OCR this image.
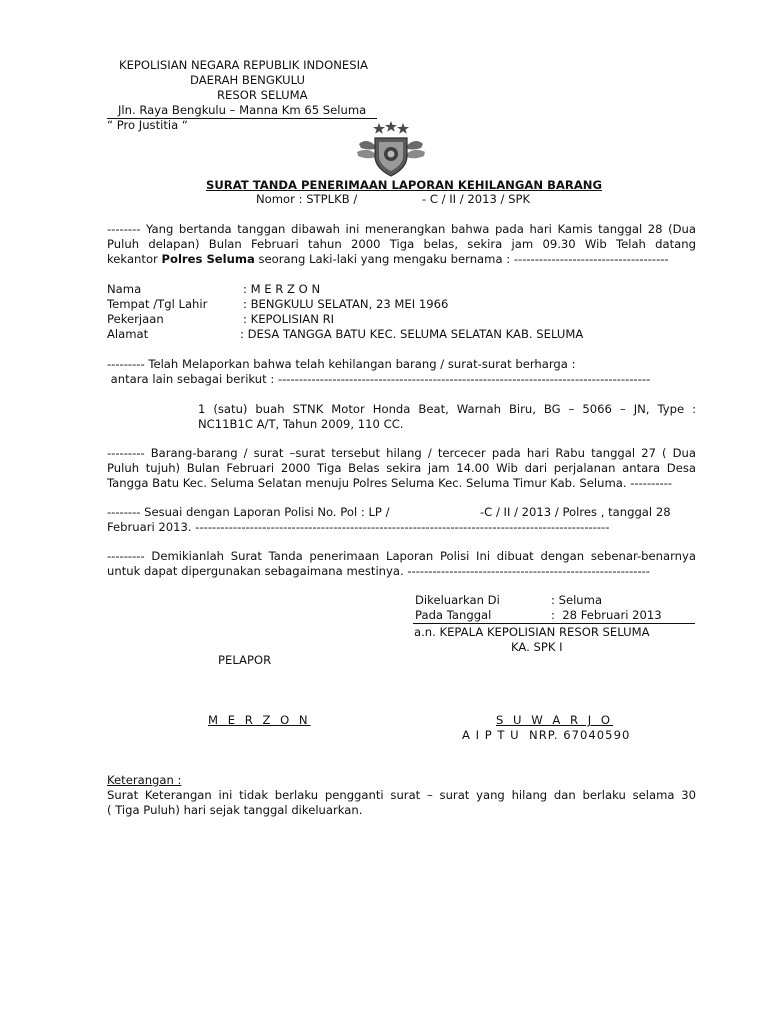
KEPOLISIAN NEGARA REPUBLIK INDONESIA
DAERAH BENGKULU
RESOR SELUMA
Jln. Raya Bengkulu – Manna Km 65 Seluma
“ Pro Justitia “
SURAT TANDA PENERIMAAN LAPORAN KEHILANGAN BARANG
Nomor : STPLKB /	- C / II / 2013 / SPK
-------- Yang bertanda tanggan dibawah ini menerangkan bahwa pada hari Kamis tanggal 28 (Dua
Puluh delapan) Bulan Februari tahun 2000 Tiga belas, sekira jam 09.30 Wib Telah datang
kekantor Polres Seluma seorang Laki-laki yang mengaku bernama : -------------------------------------
Nama	: M E R Z O N
Tempat /Tgl Lahir	: BENGKULU SELATAN, 23 MEI 1966
Pekerjaan	: KEPOLISIAN RI
Alamat	: DESA TANGGA BATU KEC. SELUMA SELATAN KAB. SELUMA
--------- Telah Melaporkan bahwa telah kehilangan barang / surat-surat berharga :
antara lain sebagai berikut : -----------------------------------------------------------------------------------------
1 (satu) buah STNK Motor Honda Beat, Warnah Biru, BG – 5066 – JN, Type :
NC11B1C A/T, Tahun 2009, 110 CC.
--------- Barang-barang / surat –surat tersebut hilang / tercecer pada hari Rabu tanggal 27 ( Dua
Puluh tujuh) Bulan Februari 2000 Tiga Belas sekira jam 14.00 Wib dari perjalanan antara Desa
Tangga Batu Kec. Seluma Selatan menuju Polres Seluma Kec. Seluma Timur Kab. Seluma. ----------
-------- Sesuai dengan Laporan Polisi No. Pol : LP /	-C / II / 2013 / Polres , tanggal 28
Februari 2013. ---------------------------------------------------------------------------------------------------
--------- Demikianlah Surat Tanda penerimaan Laporan Polisi Ini dibuat dengan sebenar-benarnya
untuk dapat dipergunakan sebagaimana mestinya. ----------------------------------------------------------
Dikeluarkan Di	: Seluma
Pada Tanggal	:  28 Februari 2013
a.n. KEPALA KEPOLISIAN RESOR SELUMA
KA. SPK I
PELAPOR
M E R Z O N	S U W A R J O
A I P T U  NRP. 67040590
Keterangan :
Surat Keterangan ini tidak berlaku pengganti surat – surat yang hilang dan berlaku selama 30
( Tiga Puluh) hari sejak tanggal dikeluarkan.
